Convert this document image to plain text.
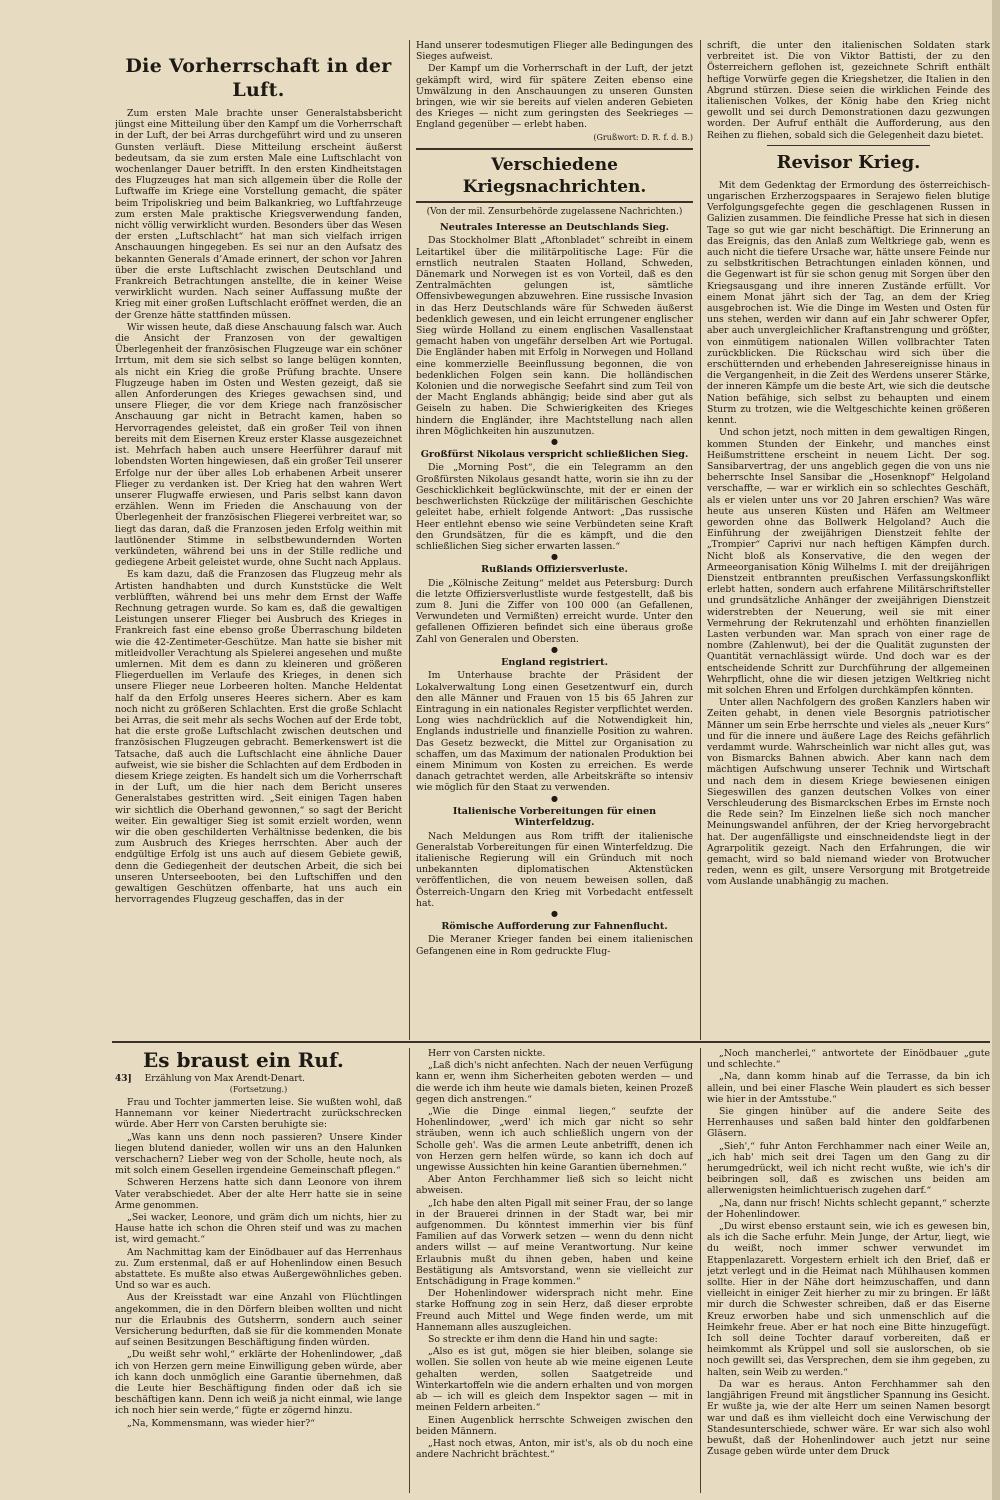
Die Vorherrschaft in der Luft.

Zum ersten Male brachte unser Generalstabsbericht jüngst eine Mitteilung über den Kampf um die Vorherrschaft in der Luft, der bei Arras durchgeführt wird und zu unseren Gunsten verläuft. Diese Mitteilung erscheint äußerst bedeutsam, da sie zum ersten Male eine Luftschlacht von wochenlanger Dauer betrifft. In den ersten Kindheitstagen des Flugzeuges hat man sich allgemein über die Rolle der Luftwaffe im Kriege eine Vorstellung gemacht, die später beim Tripoliskrieg und beim Balkankrieg, wo Luftfahrzeuge zum ersten Male praktische Kriegsverwendung fanden, nicht völlig verwirklicht wurden. Besonders über das Wesen der ersten „Luftschlacht“ hat man sich vielfach irrigen Anschauungen hingegeben. Es sei nur an den Aufsatz des bekannten Generals d’Amade erinnert, der schon vor Jahren über die erste Luftschlacht zwischen Deutschland und Frankreich Betrachtungen anstellte, die in keiner Weise verwirklicht wurden. Nach seiner Auffassung mußte der Krieg mit einer großen Luftschlacht eröffnet werden, die an der Grenze hätte stattfinden müssen.

Wir wissen heute, daß diese Anschauung falsch war. Auch die Ansicht der Franzosen von der gewaltigen Überlegenheit der französischen Flugzeuge war ein schöner Irrtum, mit dem sie sich selbst so lange belügen konnten, als nicht ein Krieg die große Prüfung brachte. Unsere Flugzeuge haben im Osten und Westen gezeigt, daß sie allen Anforderungen des Krieges gewachsen sind, und unsere Flieger, die vor dem Kriege nach französischer Anschauung gar nicht in Betracht kamen, haben so Hervorragendes geleistet, daß ein großer Teil von ihnen bereits mit dem Eisernen Kreuz erster Klasse ausgezeichnet ist. Mehrfach haben auch unsere Heerführer darauf mit lobendsten Worten hingewiesen, daß ein großer Teil unserer Erfolge nur der über alles Lob erhabenen Arbeit unserer Flieger zu verdanken ist. Der Krieg hat den wahren Wert unserer Flugwaffe erwiesen, und Paris selbst kann davon erzählen. Wenn im Frieden die Anschauung von der Überlegenheit der französischen Fliegerei verbreitet war, so liegt das daran, daß die Franzosen jeden Erfolg weithin mit lautlönender Stimme in selbstbewundernden Worten verkündeten, während bei uns in der Stille redliche und gediegene Arbeit geleistet wurde, ohne Sucht nach Applaus.

Es kam dazu, daß die Franzosen das Flugzeug mehr als Artisten handhabten und durch Kunststücke die Welt verblüfften, während bei uns mehr dem Ernst der Waffe Rechnung getragen wurde. So kam es, daß die gewaltigen Leistungen unserer Flieger bei Ausbruch des Krieges in Frankreich fast eine ebenso große Überraschung bildeten wie die 42-Zentimeter-Geschütze. Man hatte sie bisher mit mitleidvoller Verachtung als Spielerei angesehen und mußte umlernen. Mit dem es dann zu kleineren und größeren Fliegerduellen im Verlaufe des Krieges, in denen sich unsere Flieger neue Lorbeeren holten. Manche Heldentat half da den Erfolg unseres Heeres sichern. Aber es kam noch nicht zu größeren Schlachten. Erst die große Schlacht bei Arras, die seit mehr als sechs Wochen auf der Erde tobt, hat die erste große Luftschlacht zwischen deutschen und französischen Flugzeugen gebracht. Bemerkenswert ist die Tatsache, daß auch die Luftschlacht eine ähnliche Dauer aufweist, wie sie bisher die Schlachten auf dem Erdboden in diesem Kriege zeigten. Es handelt sich um die Vorherrschaft in der Luft, um die hier nach dem Bericht unseres Generalstabes gestritten wird. „Seit einigen Tagen haben wir sichtlich die Oberhand gewonnen,“ so sagt der Bericht weiter. Ein gewaltiger Sieg ist somit erzielt worden, wenn wir die oben geschilderten Verhältnisse bedenken, die bis zum Ausbruch des Krieges herrschten. Aber auch der endgültige Erfolg ist uns auch auf diesem Gebiete gewiß, denn die Gediegenheit der deutschen Arbeit, die sich bei unseren Unterseebooten, bei den Luftschiffen und den gewaltigen Geschützen offenbarte, hat uns auch ein hervorragendes Flugzeug geschaffen, das in der

Hand unserer todesmutigen Flieger alle Bedingungen des Sieges aufweist.

Der Kampf um die Vorherrschaft in der Luft, der jetzt gekämpft wird, wird für spätere Zeiten ebenso eine Umwälzung in den Anschauungen zu unseren Gunsten bringen, wie wir sie bereits auf vielen anderen Gebieten des Krieges — nicht zum geringsten des Seekrieges — England gegenüber — erlebt haben.

(Grußwort: D. R. f. d. B.)
Verschiedene Kriegsnachrichten.
(Von der mil. Zensurbehörde zugelassene Nachrichten.)
Neutrales Interesse an Deutschlands Sieg.

Das Stockholmer Blatt „Aftonbladet“ schreibt in einem Leitartikel über die militärpolitische Lage: Für die ernstlich neutralen Staaten Holland, Schweden, Dänemark und Norwegen ist es von Vorteil, daß es den Zentralmächten gelungen ist, sämtliche Offensivbewegungen abzuwehren. Eine russische Invasion in das Herz Deutschlands wäre für Schweden äußerst bedenklich gewesen, und ein leicht errungener englischer Sieg würde Holland zu einem englischen Vasallenstaat gemacht haben von ungefähr derselben Art wie Portugal. Die Engländer haben mit Erfolg in Norwegen und Holland eine kommerzielle Beeinflussung begonnen, die von bedenklichen Folgen sein kann. Die holländischen Kolonien und die norwegische Seefahrt sind zum Teil von der Macht Englands abhängig; beide sind aber gut als Geiseln zu haben. Die Schwierigkeiten des Krieges hindern die Engländer, ihre Machtstellung nach allen ihren Möglichkeiten hin auszunutzen.

●
Großfürst Nikolaus verspricht schließlichen Sieg.

Die „Morning Post“, die ein Telegramm an den Großfürsten Nikolaus gesandt hatte, worin sie ihn zu der Geschicklichkeit beglückwünschte, mit der er einen der beschwerlichsten Rückzüge der militärischen Geschichte geleitet habe, erhielt folgende Antwort: „Das russische Heer entlehnt ebenso wie seine Verbündeten seine Kraft den Grundsätzen, für die es kämpft, und die den schließlichen Sieg sicher erwarten lassen.“

●
Rußlands Offiziersverluste.

Die „Kölnische Zeitung“ meldet aus Petersburg: Durch die letzte Offiziersverlustliste wurde festgestellt, daß bis zum 8. Juni die Ziffer von 100 000 (an Gefallenen, Verwundeten und Vermißten) erreicht wurde. Unter den gefallenen Offizieren befindet sich eine überaus große Zahl von Generalen und Obersten.

●
England registriert.

Im Unterhause brachte der Präsident der Lokalverwaltung Long einen Gesetzentwurf ein, durch den alle Männer und Frauen von 15 bis 65 Jahren zur Eintragung in ein nationales Register verpflichtet werden. Long wies nachdrücklich auf die Notwendigkeit hin, Englands industrielle und finanzielle Position zu wahren. Das Gesetz bezweckt, die Mittel zur Organisation zu schaffen, um das Maximum der nationalen Produktion bei einem Minimum von Kosten zu erreichen. Es werde danach getrachtet werden, alle Arbeitskräfte so intensiv wie möglich für den Staat zu verwenden.

●
Italienische Vorbereitungen für einen Winterfeldzug.

Nach Meldungen aus Rom trifft der italienische Generalstab Vorbereitungen für einen Winterfeldzug. Die italienische Regierung will ein Gründuch mit noch unbekannten diplomatischen Aktenstücken veröffentlichen, die von neuem beweisen sollen, daß Österreich-Ungarn den Krieg mit Vorbedacht entfesselt hat.

●
Römische Aufforderung zur Fahnenflucht.

Die Meraner Krieger fanden bei einem italienischen Gefangenen eine in Rom gedruckte Flug-

schrift, die unter den italienischen Soldaten stark verbreitet ist. Die von Viktor Battisti, der zu den Österreichern geflohen ist, gezeichnete Schrift enthält heftige Vorwürfe gegen die Kriegshetzer, die Italien in den Abgrund stürzen. Diese seien die wirklichen Feinde des italienischen Volkes, der König habe den Krieg nicht gewollt und sei durch Demonstrationen dazu gezwungen worden. Der Aufruf enthält die Aufforderung, aus den Reihen zu fliehen, sobald sich die Gelegenheit dazu bietet.

Revisor Krieg.

Mit dem Gedenktag der Ermordung des österreichisch-ungarischen Erzherzogspaares in Serajewo fielen blutige Verfolgungsgefechte gegen die geschlagenen Russen in Galizien zusammen. Die feindliche Presse hat sich in diesen Tage so gut wie gar nicht beschäftigt. Die Erinnerung an das Ereignis, das den Anlaß zum Weltkriege gab, wenn es auch nicht die tiefere Ursache war, hätte unsere Feinde nur zu selbstkritischen Betrachtungen einladen können, und die Gegenwart ist für sie schon genug mit Sorgen über den Kriegsausgang und ihre inneren Zustände erfüllt. Vor einem Monat jährt sich der Tag, an dem der Krieg ausgebrochen ist. Wie die Dinge im Westen und Osten für uns stehen, werden wir dann auf ein Jahr schwerer Opfer, aber auch unvergleichlicher Kraftanstrengung und größter, von einmütigem nationalen Willen vollbrachter Taten zurückblicken. Die Rückschau wird sich über die erschütternden und erhebenden Jahresereignisse hinaus in die Vergangenheit, in die Zeit des Werdens unserer Stärke, der inneren Kämpfe um die beste Art, wie sich die deutsche Nation befähige, sich selbst zu behaupten und einem Sturm zu trotzen, wie die Weltgeschichte keinen größeren kennt.

Und schon jetzt, noch mitten in dem gewaltigen Ringen, kommen Stunden der Einkehr, und manches einst Heißumstrittene erscheint in neuem Licht. Der sog. Sansibarvertrag, der uns angeblich gegen die von uns nie beherrschte Insel Sansibar die „Hosenknopf“ Helgoland verschaffte, — war er wirklich ein so schlechtes Geschäft, als er vielen unter uns vor 20 Jahren erschien? Was wäre heute aus unseren Küsten und Häfen am Weltmeer geworden ohne das Bollwerk Helgoland? Auch die Einführung der zweijährigen Dienstzeit fehlte der „Trompier“ Caprivi nur nach heftigen Kämpfen durch. Nicht bloß als Konservative, die den wegen der Armeeorganisation König Wilhelms I. mit der dreijährigen Dienstzeit entbrannten preußischen Verfassungskonflikt erlebt hatten, sondern auch erfahrene Militärschriftsteller und grundsätzliche Anhänger der zweijährigen Dienstzeit widerstrebten der Neuerung, weil sie mit einer Vermehrung der Rekrutenzahl und erhöhten finanziellen Lasten verbunden war. Man sprach von einer rage de nombre (Zahlenwut), bei der die Qualität zugunsten der Quantität vernachlässigt würde. Und doch war es der entscheidende Schritt zur Durchführung der allgemeinen Wehrpflicht, ohne die wir diesen jetzigen Weltkrieg nicht mit solchen Ehren und Erfolgen durchkämpfen könnten.

Unter allen Nachfolgern des großen Kanzlers haben wir Zeiten gehabt, in denen viele Besorgnis patriotischer Männer um sein Erbe herrschte und vieles als „neuer Kurs“ und für die innere und äußere Lage des Reichs gefährlich verdammt wurde. Wahrscheinlich war nicht alles gut, was von Bismarcks Bahnen abwich. Aber kann nach dem mächtigen Aufschwung unserer Technik und Wirtschaft und nach dem in diesem Kriege bewiesenen einigen Siegeswillen des ganzen deutschen Volkes von einer Verschleuderung des Bismarckschen Erbes im Ernste noch die Rede sein? Im Einzelnen ließe sich noch mancher Meinungswandel anführen, der der Krieg hervorgebracht hat. Der augenfälligste und einschneidendste liegt in der Agrarpolitik gezeigt. Nach den Erfahrungen, die wir gemacht, wird so bald niemand wieder von Brotwucher reden, wenn es gilt, unsere Versorgung mit Brotgetreide vom Auslande unabhängig zu machen.

Es braust ein Ruf.
43] Erzählung von Max Arendt-Denart.
(Fortsetzung.)

Frau und Tochter jammerten leise. Sie wußten wohl, daß Hannemann vor keiner Niedertracht zurückschrecken würde. Aber Herr von Carsten beruhigte sie:

„Was kann uns denn noch passieren? Unsere Kinder liegen blutend danieder, wollen wir uns an den Halunken verschachern? Lieber weg von der Scholle, heute noch, als mit solch einem Gesellen irgendeine Gemeinschaft pflegen.“

Schweren Herzens hatte sich dann Leonore von ihrem Vater verabschiedet. Aber der alte Herr hatte sie in seine Arme genommen.

„Sei wacker, Leonore, und gräm dich um nichts, hier zu Hause hatte ich schon die Ohren steif und was zu machen ist, wird gemacht.“

Am Nachmittag kam der Einödbauer auf das Herrenhaus zu. Zum erstenmal, daß er auf Hohenlindow einen Besuch abstattete. Es mußte also etwas Außergewöhnliches geben. Und so war es auch.

Aus der Kreisstadt war eine Anzahl von Flüchtlingen angekommen, die in den Dörfern bleiben wollten und nicht nur die Erlaubnis des Gutsherrn, sondern auch seiner Versicherung bedurften, daß sie für die kommenden Monate auf seinen Besitzungen Beschäftigung finden würden.

„Du weißt sehr wohl,“ erklärte der Hohenlindower, „daß ich von Herzen gern meine Einwilligung geben würde, aber ich kann doch unmöglich eine Garantie übernehmen, daß die Leute hier Beschäftigung finden oder daß ich sie beschäftigen kann. Denn ich weiß ja nicht einmal, wie lange ich noch hier sein werde,“ fügte er zögernd hinzu.

„Na, Kommensmann, was wieder hier?“

Herr von Carsten nickte.

„Laß dich's nicht anfechten. Nach der neuen Verfügung kann er, wenn ihm Sicherheiten geboten werden — und die werde ich ihm heute wie damals bieten, keinen Prozeß gegen dich anstrengen.“

„Wie die Dinge einmal liegen,“ seufzte der Hohenlindower, „werd' ich mich gar nicht so sehr sträuben, wenn ich auch schließlich ungern von der Scholle geh'. Was die armen Leute anbetrifft, denen ich von Herzen gern helfen würde, so kann ich doch auf ungewisse Aussichten hin keine Garantien übernehmen.“

Aber Anton Ferchhammer ließ sich so leicht nicht abweisen.

„Ich habe den alten Pigall mit seiner Frau, der so lange in der Brauerei drinnen in der Stadt war, bei mir aufgenommen. Du könntest immerhin vier bis fünf Familien auf das Vorwerk setzen — wenn du denn nicht anders willst — auf meine Verantwortung. Nur keine Erlaubnis mußt du ihnen geben, haben und keine Bestätigung als Amtsvorstand, wenn sie vielleicht zur Entschädigung in Frage kommen.“

Der Hohenlindower widersprach nicht mehr. Eine starke Hoffnung zog in sein Herz, daß dieser erprobte Freund auch Mittel und Wege finden werde, um mit Hannemann alles auszugleichen.

So streckte er ihm denn die Hand hin und sagte:

„Also es ist gut, mögen sie hier bleiben, solange sie wollen. Sie sollen von heute ab wie meine eigenen Leute gehalten werden, sollen Saatgetreide und Winterkartoffeln wie die andern erhalten und von morgen ab — ich will es gleich dem Inspektor sagen — mit in meinen Feldern arbeiten.“

Einen Augenblick herrschte Schweigen zwischen den beiden Männern.

„Hast noch etwas, Anton, mir ist's, als ob du noch eine andere Nachricht brächtest.“

„Noch mancherlei,“ antwortete der Einödbauer „gute und schlechte.“

„Na, dann komm hinab auf die Terrasse, da bin ich allein, und bei einer Flasche Wein plaudert es sich besser wie hier in der Amtsstube.“

Sie gingen hinüber auf die andere Seite des Herrenhauses und saßen bald hinter den goldfarbenen Gläsern.

„Sieh',“ fuhr Anton Ferchhammer nach einer Weile an, „ich hab' mich seit drei Tagen um den Gang zu dir herumgedrückt, weil ich nicht recht wußte, wie ich's dir beibringen soll, daß es zwischen uns beiden am allerwenigsten heimlichtuerisch zugehen darf.“

„Na, dann nur frisch! Nichts schlecht gepannt,“ scherzte der Hohenlindower.

„Du wirst ebenso erstaunt sein, wie ich es gewesen bin, als ich die Sache erfuhr. Mein Junge, der Artur, liegt, wie du weißt, noch immer schwer verwundet im Etappenlazarett. Vorgestern erhielt ich den Brief, daß er jetzt verlegt und in die Heimat nach Mühlhausen kommen sollte. Hier in der Nähe dort heimzuschaffen, und dann vielleicht in einiger Zeit hierher zu mir zu bringen. Er läßt mir durch die Schwester schreiben, daß er das Eiserne Kreuz erworben habe und sich unmenschlich auf die Heimkehr freue. Aber er hat noch eine Bitte hinzugefügt. Ich soll deine Tochter darauf vorbereiten, daß er heimkommt als Krüppel und soll sie auslorschen, ob sie noch gewillt sei, das Versprechen, dem sie ihm gegeben, zu halten, sein Weib zu werden.“

Da war es heraus. Anton Ferchhammer sah den langjährigen Freund mit ängstlicher Spannung ins Gesicht. Er wußte ja, wie der alte Herr um seinen Namen besorgt war und daß es ihm vielleicht doch eine Verwischung der Standesunterschiede, schwer wäre. Er war sich also wohl bewußt, daß der Hohenlindower auch jetzt nur seine Zusage geben würde unter dem Druck
